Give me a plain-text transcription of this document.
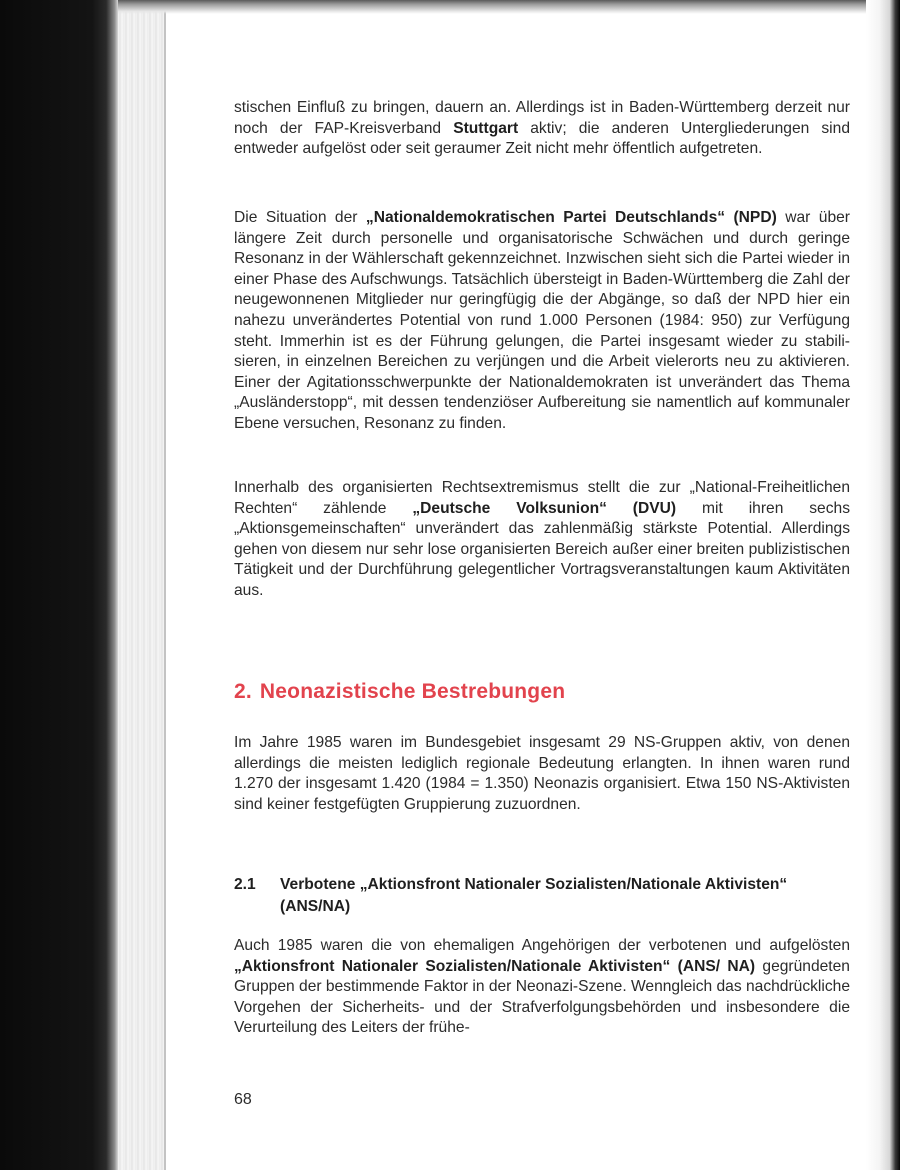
stischen Einfluß zu bringen, dauern an. Allerdings ist in Baden-Württemberg derzeit nur noch der FAP-Kreisverband Stuttgart aktiv; die anderen Untergliederungen sind entweder aufgelöst oder seit geraumer Zeit nicht mehr öffentlich aufgetreten.
Die Situation der „Nationaldemokratischen Partei Deutschlands“ (NPD) war über längere Zeit durch personelle und organisatorische Schwächen und durch geringe Resonanz in der Wählerschaft gekennzeichnet. Inzwischen sieht sich die Partei wieder in einer Phase des Aufschwungs. Tatsächlich übersteigt in Baden-Württemberg die Zahl der neugewonnenen Mitglieder nur geringfügig die der Abgänge, so daß der NPD hier ein nahezu unverändertes Potential von rund 1.000 Personen (1984: 950) zur Verfügung steht. Immerhin ist es der Führung gelungen, die Partei insgesamt wieder zu stabilisieren, in einzelnen Bereichen zu verjüngen und die Arbeit vielerorts neu zu aktivieren. Einer der Agitationsschwerpunkte der Nationaldemokraten ist unverändert das Thema „Ausländerstopp“, mit dessen tendenziöser Aufbereitung sie namentlich auf kommunaler Ebene versuchen, Resonanz zu finden.
Innerhalb des organisierten Rechtsextremismus stellt die zur „National-Freiheitlichen Rechten“ zählende „Deutsche Volksunion“ (DVU) mit ihren sechs „Aktionsgemeinschaften“ unverändert das zahlenmäßig stärkste Potential. Allerdings gehen von diesem nur sehr lose organisierten Bereich außer einer breiten publizistischen Tätigkeit und der Durchführung gelegentlicher Vortragsveranstaltungen kaum Aktivitäten aus.
2. Neonazistische Bestrebungen
Im Jahre 1985 waren im Bundesgebiet insgesamt 29 NS-Gruppen aktiv, von denen allerdings die meisten lediglich regionale Bedeutung erlangten. In ihnen waren rund 1.270 der insgesamt 1.420 (1984 = 1.350) Neonazis organisiert. Etwa 150 NS-Aktivisten sind keiner festgefügten Gruppierung zuzuordnen.
2.1	Verbotene „Aktionsfront Nationaler Sozialisten/Nationale Aktivisten“ (ANS/NA)
Auch 1985 waren die von ehemaligen Angehörigen der verbotenen und aufgelösten „Aktionsfront Nationaler Sozialisten/Nationale Aktivisten“ (ANS/ NA) gegründeten Gruppen der bestimmende Faktor in der Neonazi-Szene. Wenngleich das nachdrückliche Vorgehen der Sicherheits- und der Strafverfolgungsbehörden und insbesondere die Verurteilung des Leiters der frühe-
68
